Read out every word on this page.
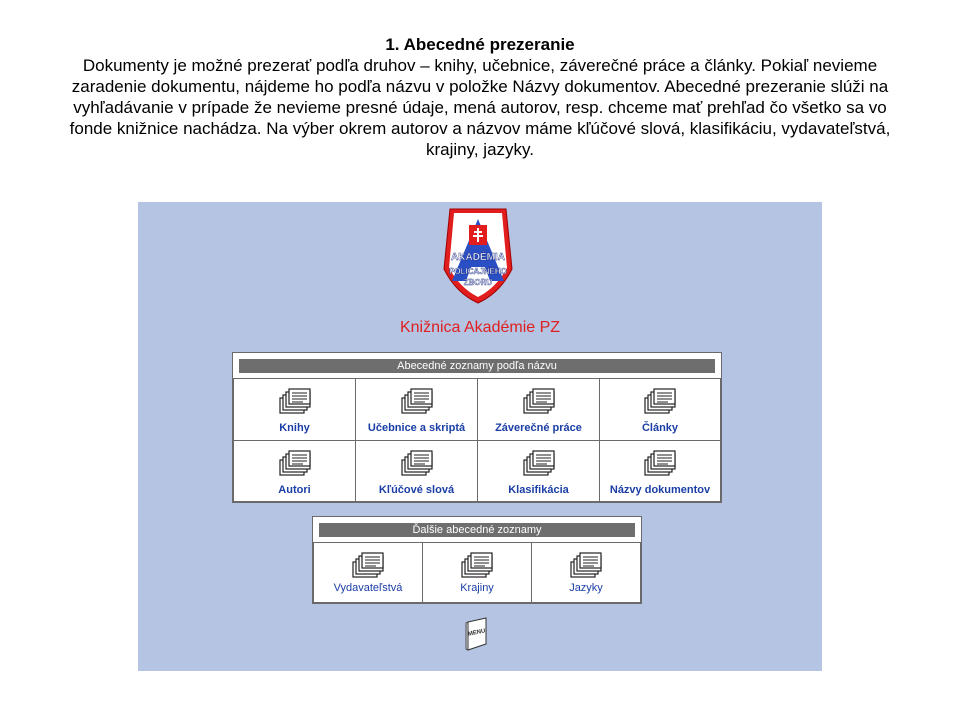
1. Abecedné prezeranie
Dokumenty je možné prezerať podľa druhov – knihy, učebnice, záverečné práce a články. Pokiaľ nevieme zaradenie dokumentu, nájdeme ho podľa názvu v položke Názvy dokumentov. Abecedné prezeranie slúži na vyhľadávanie v prípade že nevieme presné údaje, mená autorov, resp. chceme mať prehľad čo všetko sa vo fonde knižnice nachádza. Na výber okrem autorov a názvov máme kľúčové slová, klasifikáciu, vydavateľstvá, krajiny, jazyky.
AKADÉMIA
POLICAJNÉHO
ZBORU
Knižnica Akadémie PZ
Abecedné zoznamy podľa názvu
Knihy	Učebnice a skriptá	Záverečné práce	Články
Autori	Kľúčové slová	Klasifikácia	Názvy dokumentov
Ďalšie abecedné zoznamy
Vydavateľstvá	Krajiny	Jazyky
MENU
